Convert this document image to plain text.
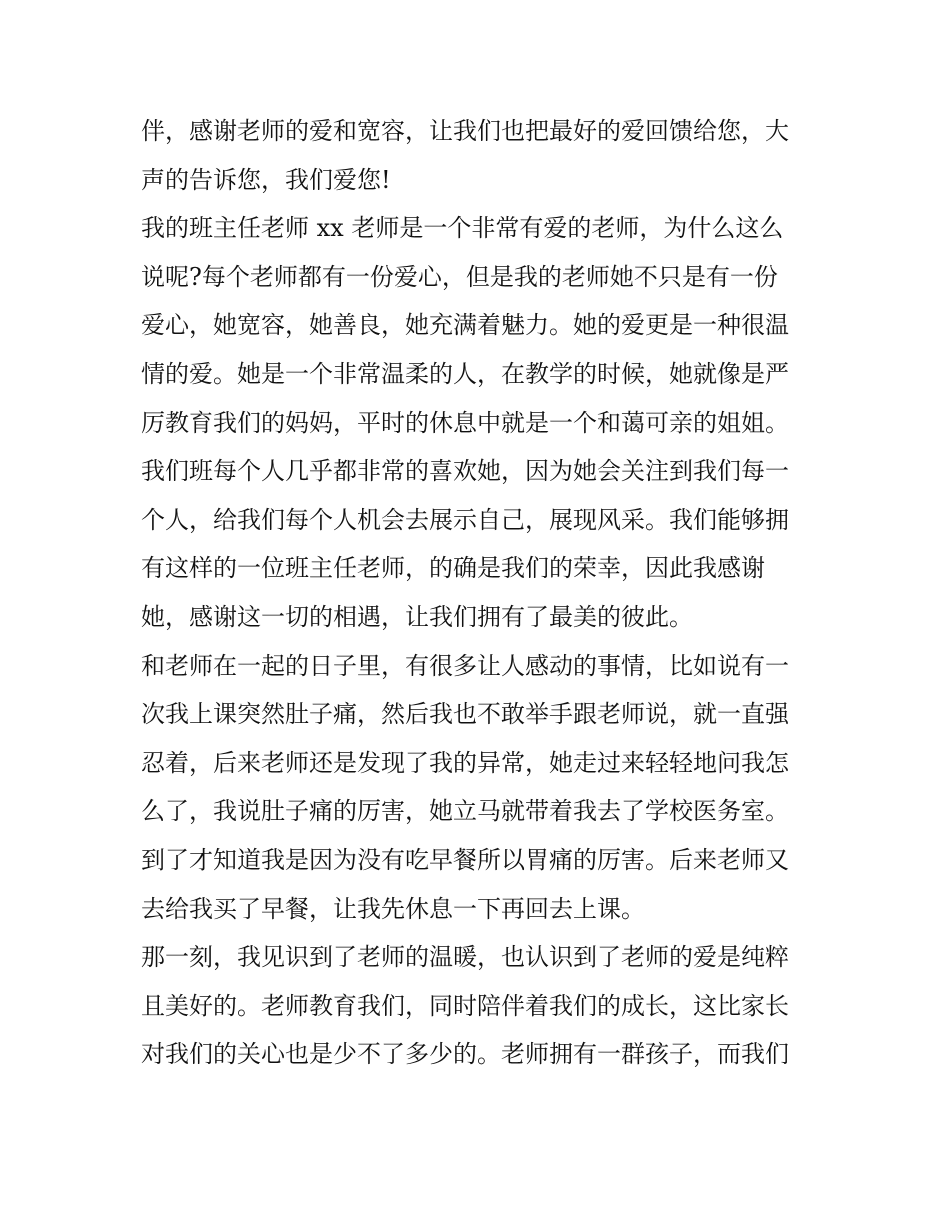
伴，感谢老师的爱和宽容，让我们也把最好的爱回馈给您，大
声的告诉您，我们爱您!
我的班主任老师 xx 老师是一个非常有爱的老师，为什么这么
说呢?每个老师都有一份爱心，但是我的老师她不只是有一份
爱心，她宽容，她善良，她充满着魅力。她的爱更是一种很温
情的爱。她是一个非常温柔的人，在教学的时候，她就像是严
厉教育我们的妈妈，平时的休息中就是一个和蔼可亲的姐姐。
我们班每个人几乎都非常的喜欢她，因为她会关注到我们每一
个人，给我们每个人机会去展示自己，展现风采。我们能够拥
有这样的一位班主任老师，的确是我们的荣幸，因此我感谢
她，感谢这一切的相遇，让我们拥有了最美的彼此。
和老师在一起的日子里，有很多让人感动的事情，比如说有一
次我上课突然肚子痛，然后我也不敢举手跟老师说，就一直强
忍着，后来老师还是发现了我的异常，她走过来轻轻地问我怎
么了，我说肚子痛的厉害，她立马就带着我去了学校医务室。
到了才知道我是因为没有吃早餐所以胃痛的厉害。后来老师又
去给我买了早餐，让我先休息一下再回去上课。
那一刻，我见识到了老师的温暖，也认识到了老师的爱是纯粹
且美好的。老师教育我们，同时陪伴着我们的成长，这比家长
对我们的关心也是少不了多少的。老师拥有一群孩子，而我们
